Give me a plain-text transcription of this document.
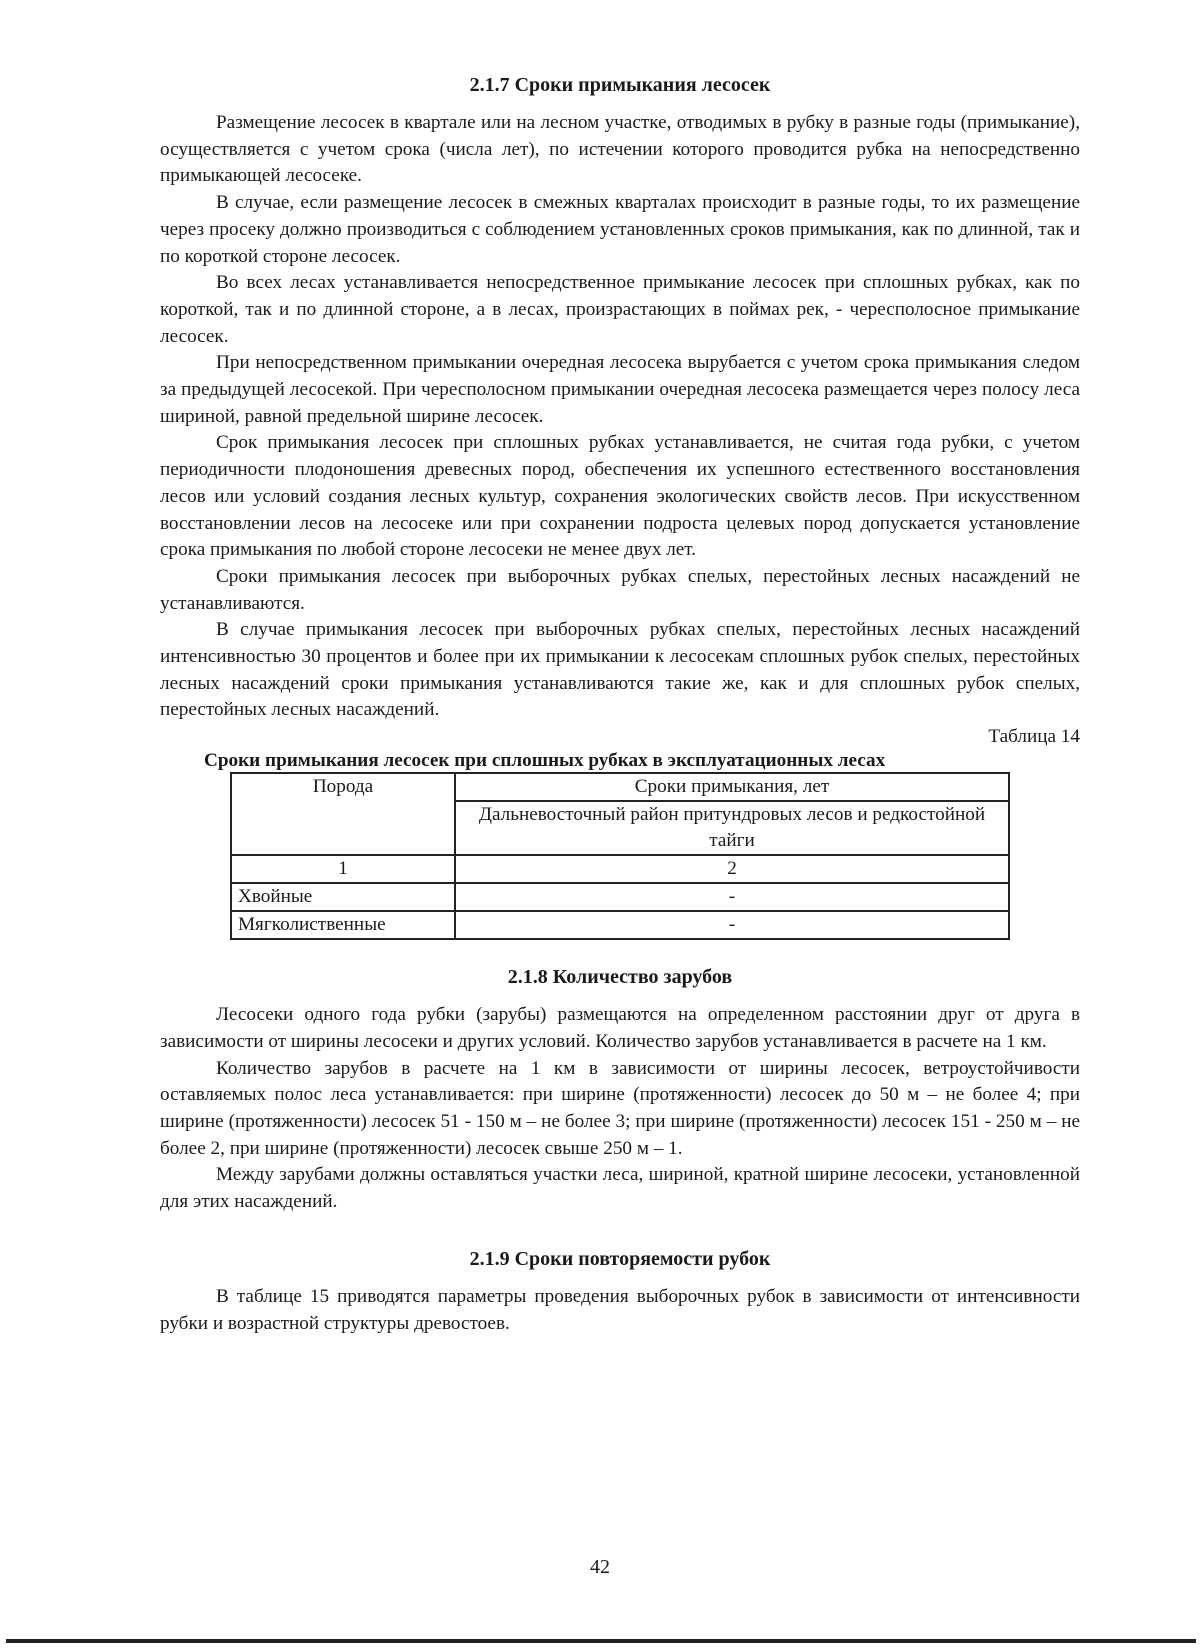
2.1.7 Сроки примыкания лесосек

Размещение лесосек в квартале или на лесном участке, отводимых в рубку в разные годы (примыкание), осуществляется с учетом срока (числа лет), по истечении которого проводится рубка на непосредственно примыкающей лесосеке.

В случае, если размещение лесосек в смежных кварталах происходит в разные годы, то их размещение через просеку должно производиться с соблюдением установленных сроков примыкания, как по длинной, так и по короткой стороне лесосек.

Во всех лесах устанавливается непосредственное примыкание лесосек при сплошных рубках, как по короткой, так и по длинной стороне, а в лесах, произрастающих в поймах рек, - чересполосное примыкание лесосек.

При непосредственном примыкании очередная лесосека вырубается с учетом срока примыкания следом за предыдущей лесосекой. При чересполосном примыкании очередная лесосека размещается через полосу леса шириной, равной предельной ширине лесосек.

Срок примыкания лесосек при сплошных рубках устанавливается, не считая года рубки, с учетом периодичности плодоношения древесных пород, обеспечения их успешного естественного восстановления лесов или условий создания лесных культур, сохранения экологических свойств лесов. При искусственном восстановлении лесов на лесосеке или при сохранении подроста целевых пород допускается установление срока примыкания по любой стороне лесосеки не менее двух лет.

Сроки примыкания лесосек при выборочных рубках спелых, перестойных лесных насаждений не устанавливаются.

В случае примыкания лесосек при выборочных рубках спелых, перестойных лесных насаждений интенсивностью 30 процентов и более при их примыкании к лесосекам сплошных рубок спелых, перестойных лесных насаждений сроки примыкания устанавливаются такие же, как и для сплошных рубок спелых, перестойных лесных насаждений.

Таблица 14
Сроки примыкания лесосек при сплошных рубках в эксплуатационных лесах
Порода	Сроки примыкания, лет
	Дальневосточный район притундровых лесов и редкостойной тайги
1	2
Хвойные	-
Мягколиственные	-
2.1.8 Количество зарубов

Лесосеки одного года рубки (зарубы) размещаются на определенном расстоянии друг от друга в зависимости от ширины лесосеки и других условий. Количество зарубов устанавливается в расчете на 1 км.

Количество зарубов в расчете на 1 км в зависимости от ширины лесосек, ветроустойчивости оставляемых полос леса устанавливается: при ширине (протяженности) лесосек до 50 м – не более 4; при ширине (протяженности) лесосек 51 - 150 м – не более 3; при ширине (протяженности) лесосек 151 - 250 м – не более 2, при ширине (протяженности) лесосек свыше 250 м – 1.

Между зарубами должны оставляться участки леса, шириной, кратной ширине лесосеки, установленной для этих насаждений.

2.1.9 Сроки повторяемости рубок

В таблице 15 приводятся параметры проведения выборочных рубок в зависимости от интенсивности рубки и возрастной структуры древостоев.

42
